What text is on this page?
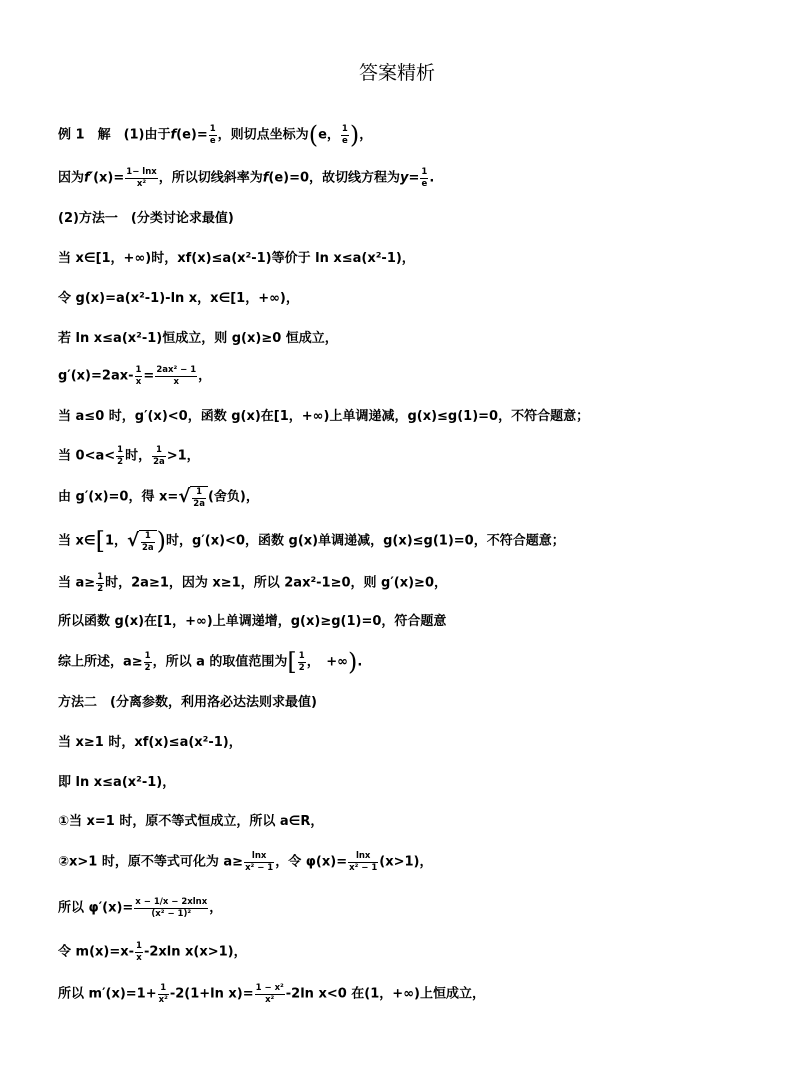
答案精析
例 1　解　(1)由于$f(e)= \frac{1}{e}$ ，则切点坐标为(e， $\frac{1}{e}$ )，
因为$f'(x)= \frac{1- \ln x}{\text{x²}}$ ，所以切线斜率为f(e)=0，故切线方程为$y= \frac{1}{e}$ .
(2)方法一　(分类讨论求最值)
当 x∈[1，+∞)时，xf(x)≤a(x²-1)等价于 ln x≤a(x²-1)，
令 g(x)=a(x²-1)-ln x，x∈[1，+∞)，
若 ln x≤a(x²-1)恒成立，则 g(x)≥0 恒成立，
$g'(x)=2ax- \frac{1}{x} = \frac{\text{2ax² − 1}}{x}$ ，
当 a≤0 时，g′(x)<0，函数 g(x)在[1，+∞)上单调递减，g(x)≤g(1)=0，不符合题意；
当 $0<a< \frac{1}{2}$ 时， $\frac{1}{2a} >1$，
由 g′(x)=0，得 $x=√ \frac{1}{2a}$ (舍负)，
当 x∈[1，√ $\frac{1}{2a}$ )时，g′(x)<0，函数 g(x)单调递减，g(x)≤g(1)=0，不符合题意；
当 $a\ge \frac{1}{2}$ 时，2a≥1，因为 x≥1，所以 2ax²-1≥0，则 g′(x)≥0，
所以函数 g(x)在[1，+∞)上单调递增，g(x)≥g(1)=0，符合题意
综上所述，$a\ge \frac{1}{2}$ ，所以 a 的取值范围为[ $\frac{1}{2}$ ，　+∞).
方法二　(分离参数，利用洛必达法则求最值)
当 x≥1 时，xf(x)≤a(x²-1)，
即 ln x≤a(x²-1)，
①当 x=1 时，原不等式恒成立，所以 a∈R，
②x>1 时，原不等式可化为 $a\ge \frac{\ln x}{\text{x² − 1}}$ ，令 $\varphi(x)= \frac{\ln x}{\text{x² − 1}} (x>1)$，
所以 $\varphi'(x)= \frac{x - 1/x - 2xlnx}{\text{(x² − 1)²}}$ ，
令 $m(x)=x- \frac{1}{x} -2xln$ x(x>1)，
所以 $m'(x)=1+ \frac{1}{\text{x²}} -2(1+\ln$ $x)= \frac{\text{1 − x²}}{\text{x²}} -2\ln$ x<0 在(1，+∞)上恒成立，
